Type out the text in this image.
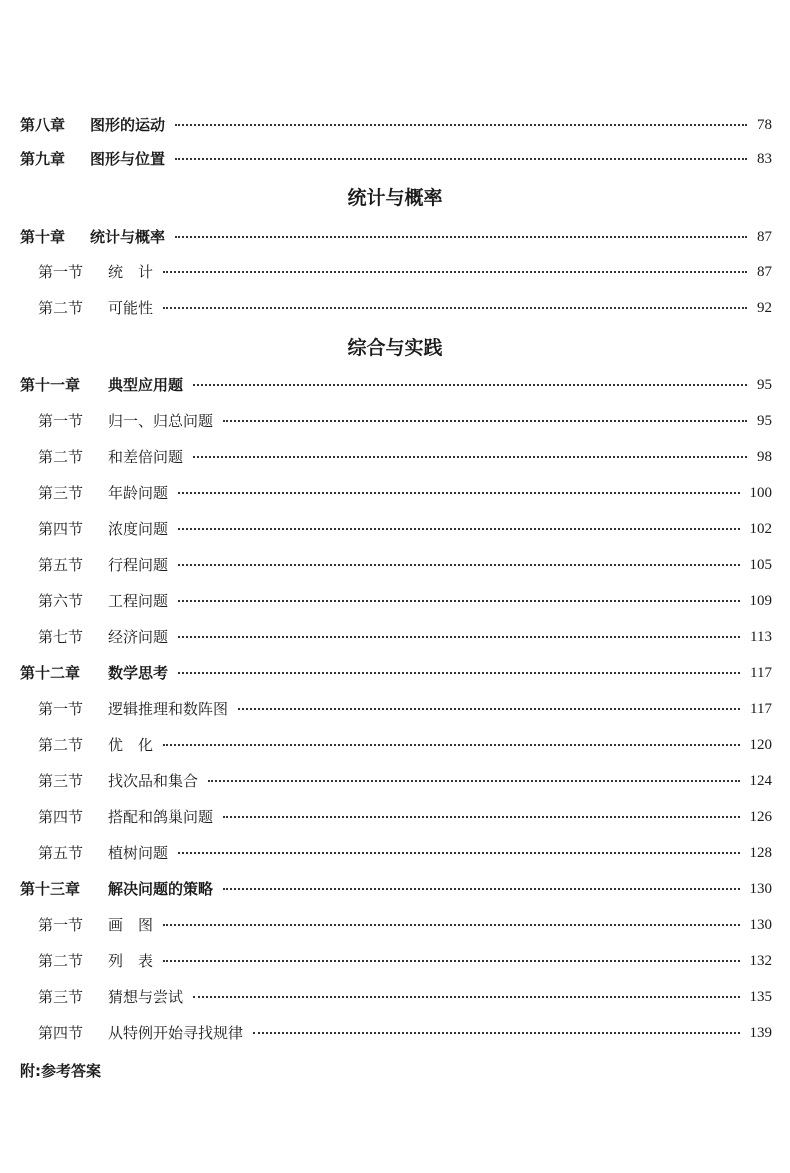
第八章 图形的运动	78
第九章 图形与位置	83
统计与概率
第十章 统计与概率	87
第一节 统　计	87
第二节 可能性	92
综合与实践
第十一章 典型应用题	95
第一节 归一、归总问题	95
第二节 和差倍问题	98
第三节 年龄问题	100
第四节 浓度问题	102
第五节 行程问题	105
第六节 工程问题	109
第七节 经济问题	113
第十二章 数学思考	117
第一节 逻辑推理和数阵图	117
第二节 优　化	120
第三节 找次品和集合	124
第四节 搭配和鸽巢问题	126
第五节 植树问题	128
第十三章 解决问题的策略	130
第一节 画　图	130
第二节 列　表	132
第三节 猜想与尝试	135
第四节 从特例开始寻找规律	139
附:参考答案
